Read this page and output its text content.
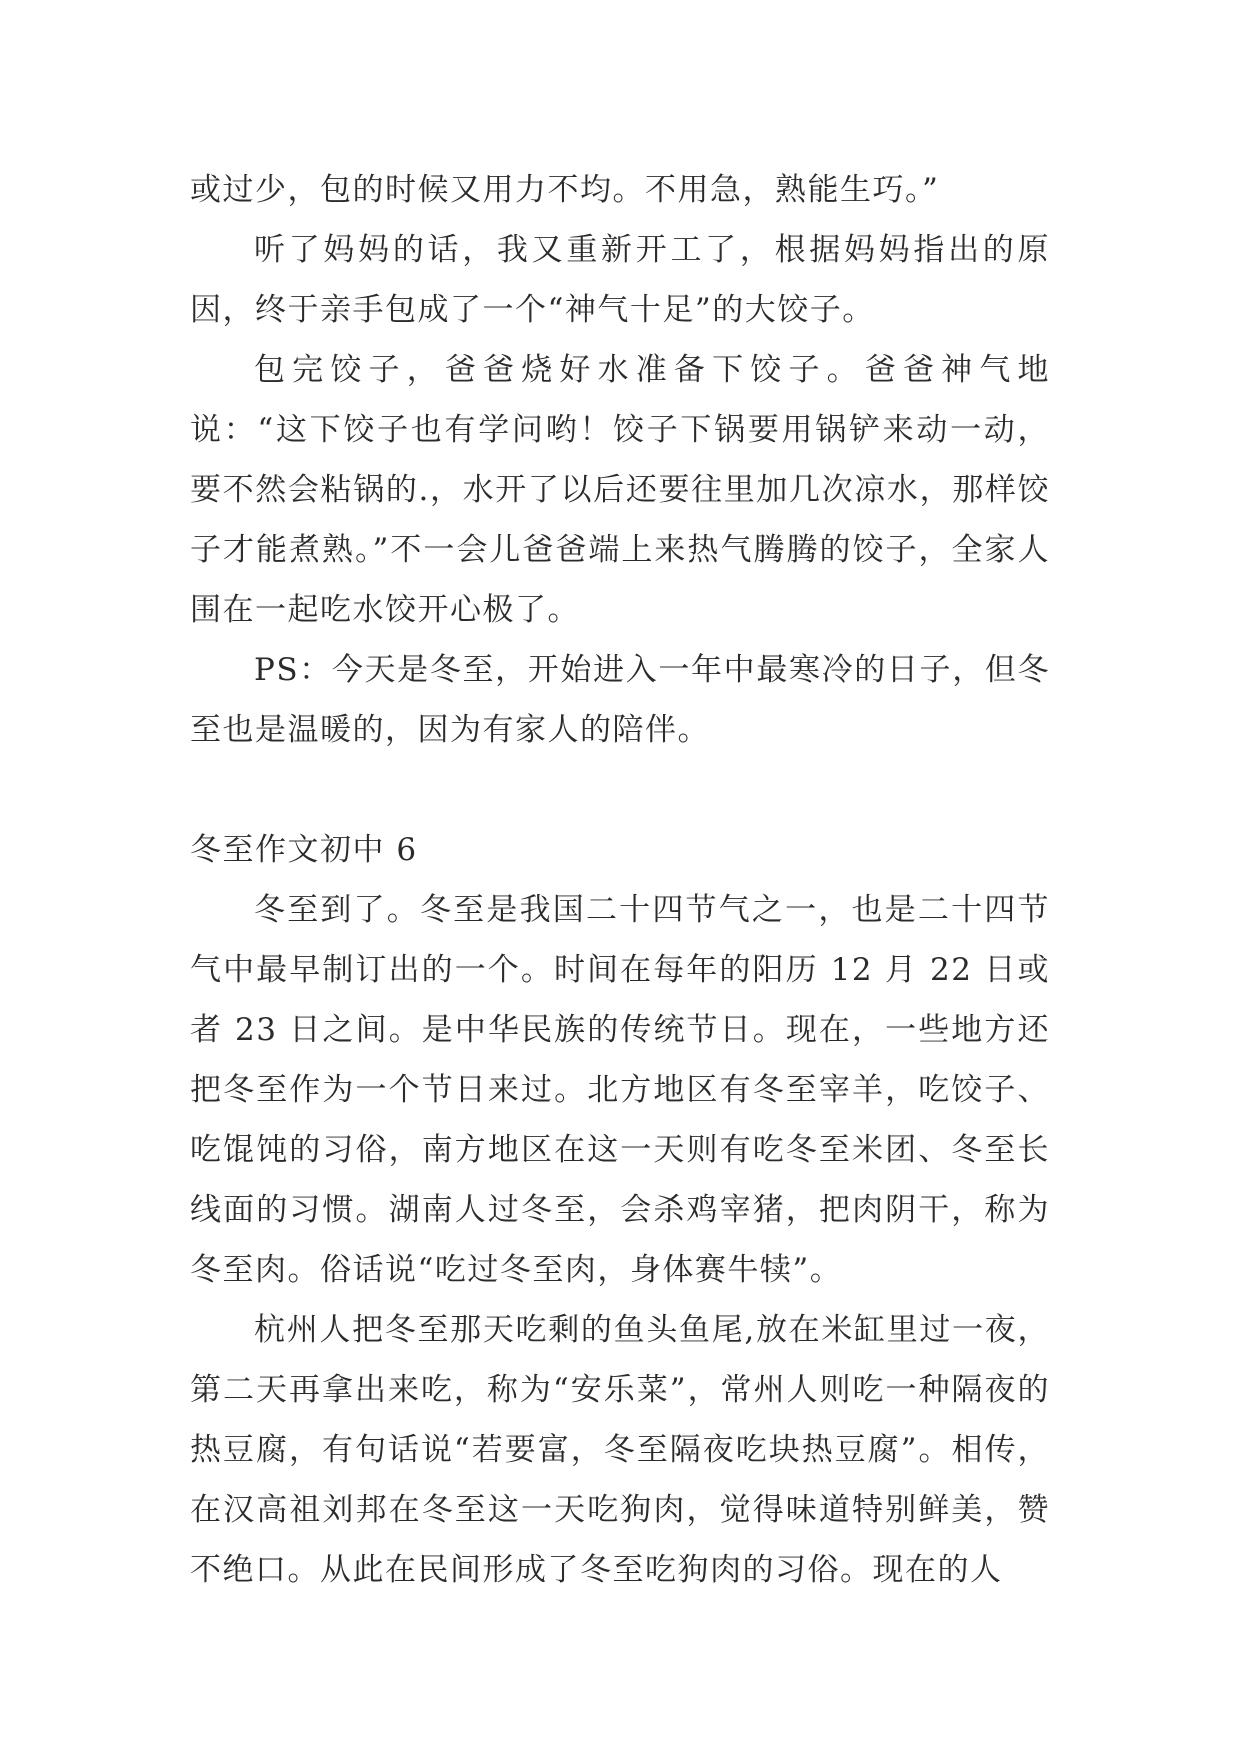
或过少，包的时候又用力不均。不用急，熟能生巧。”

听了妈妈的话，我又重新开工了，根据妈妈指出的原因，终于亲手包成了一个“神气十足”的大饺子。

包完饺子，爸爸烧好水准备下饺子。爸爸神气地说：“这下饺子也有学问哟！饺子下锅要用锅铲来动一动，要不然会粘锅的.，水开了以后还要往里加几次凉水，那样饺子才能煮熟。”不一会儿爸爸端上来热气腾腾的饺子，全家人围在一起吃水饺开心极了。

PS：今天是冬至，开始进入一年中最寒冷的日子，但冬至也是温暖的，因为有家人的陪伴。

冬至作文初中 6

冬至到了。冬至是我国二十四节气之一，也是二十四节气中最早制订出的一个。时间在每年的阳历 12 月 22 日或者 23 日之间。是中华民族的传统节日。现在，一些地方还把冬至作为一个节日来过。北方地区有冬至宰羊，吃饺子、吃馄饨的习俗，南方地区在这一天则有吃冬至米团、冬至长线面的习惯。湖南人过冬至，会杀鸡宰猪，把肉阴干，称为冬至肉。俗话说“吃过冬至肉，身体赛牛犊”。

杭州人把冬至那天吃剩的鱼头鱼尾,放在米缸里过一夜，第二天再拿出来吃，称为“安乐菜”，常州人则吃一种隔夜的热豆腐，有句话说“若要富，冬至隔夜吃块热豆腐”。相传，在汉高祖刘邦在冬至这一天吃狗肉，觉得味道特别鲜美，赞不绝口。从此在民间形成了冬至吃狗肉的习俗。现在的人
